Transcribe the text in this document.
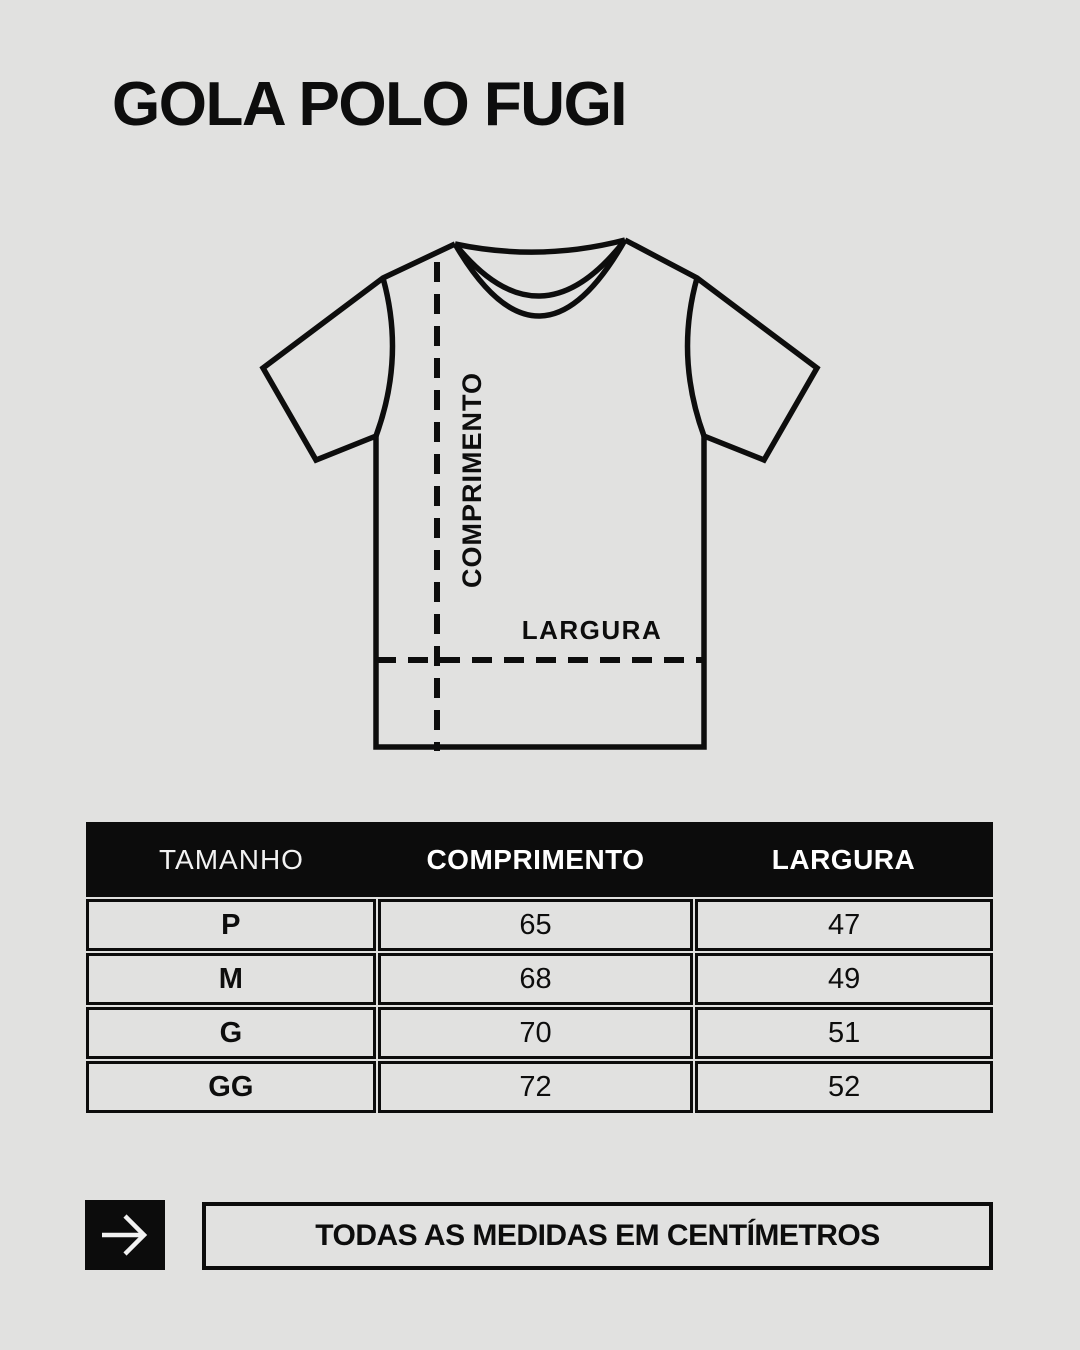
GOLA POLO FUGI
COMPRIMENTO
LARGURA
TAMANHO	COMPRIMENTO	LARGURA
P	65	47
M	68	49
G	70	51
GG	72	52
TODAS AS MEDIDAS EM CENTÍMETROS
